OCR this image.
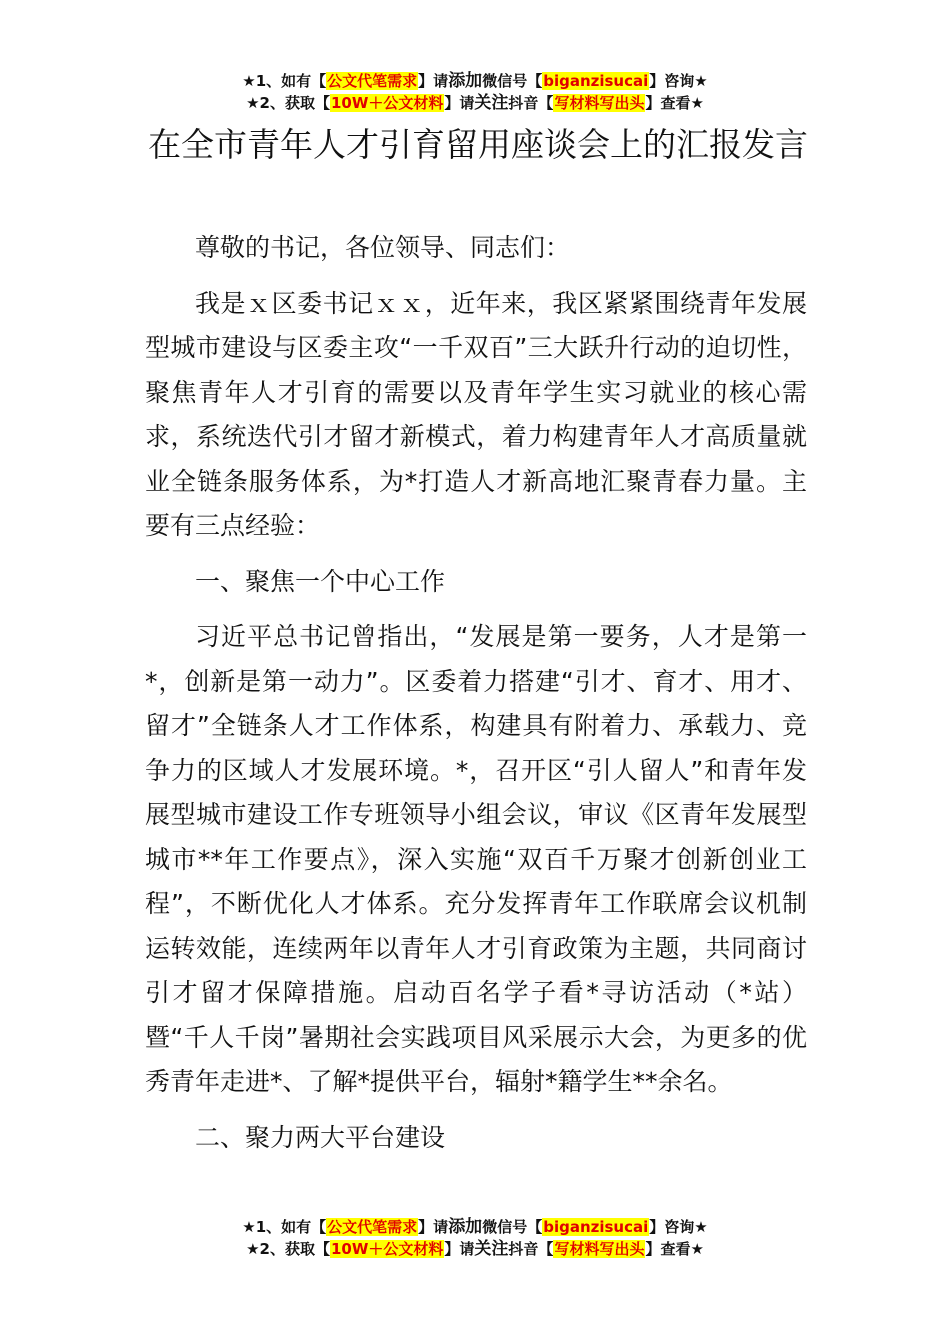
★1、如有【公文代笔需求】请添加微信号【biganzisucai】咨询★
★2、获取【10W＋公文材料】请关注抖音【写材料写出头】查看★
在全市青年人才引育留用座谈会上的汇报发言

尊敬的书记，各位领导、同志们：

我是ｘ区委书记ｘｘ，近年来，我区紧紧围绕青年发展型城市建设与区委主攻“一千双百”三大跃升行动的迫切性，聚焦青年人才引育的需要以及青年学生实习就业的核心需求，系统迭代引才留才新模式，着力构建青年人才高质量就业全链条服务体系，为*打造人才新高地汇聚青春力量。主要有三点经验：

一、聚焦一个中心工作

习近平总书记曾指出，“发展是第一要务，人才是第一*，创新是第一动力”。区委着力搭建“引才、育才、用才、留才”全链条人才工作体系，构建具有附着力、承载力、竞争力的区域人才发展环境。*，召开区“引人留人”和青年发展型城市建设工作专班领导小组会议，审议《区青年发展型城市**年工作要点》，深入实施“双百千万聚才创新创业工程”，不断优化人才体系。充分发挥青年工作联席会议机制运转效能，连续两年以青年人才引育政策为主题，共同商讨引才留才保障措施。启动百名学子看*寻访活动（*站）暨“千人千岗”暑期社会实践项目风采展示大会，为更多的优秀青年走进*、了解*提供平台，辐射*籍学生**余名。

二、聚力两大平台建设

★1、如有【公文代笔需求】请添加微信号【biganzisucai】咨询★
★2、获取【10W＋公文材料】请关注抖音【写材料写出头】查看★
